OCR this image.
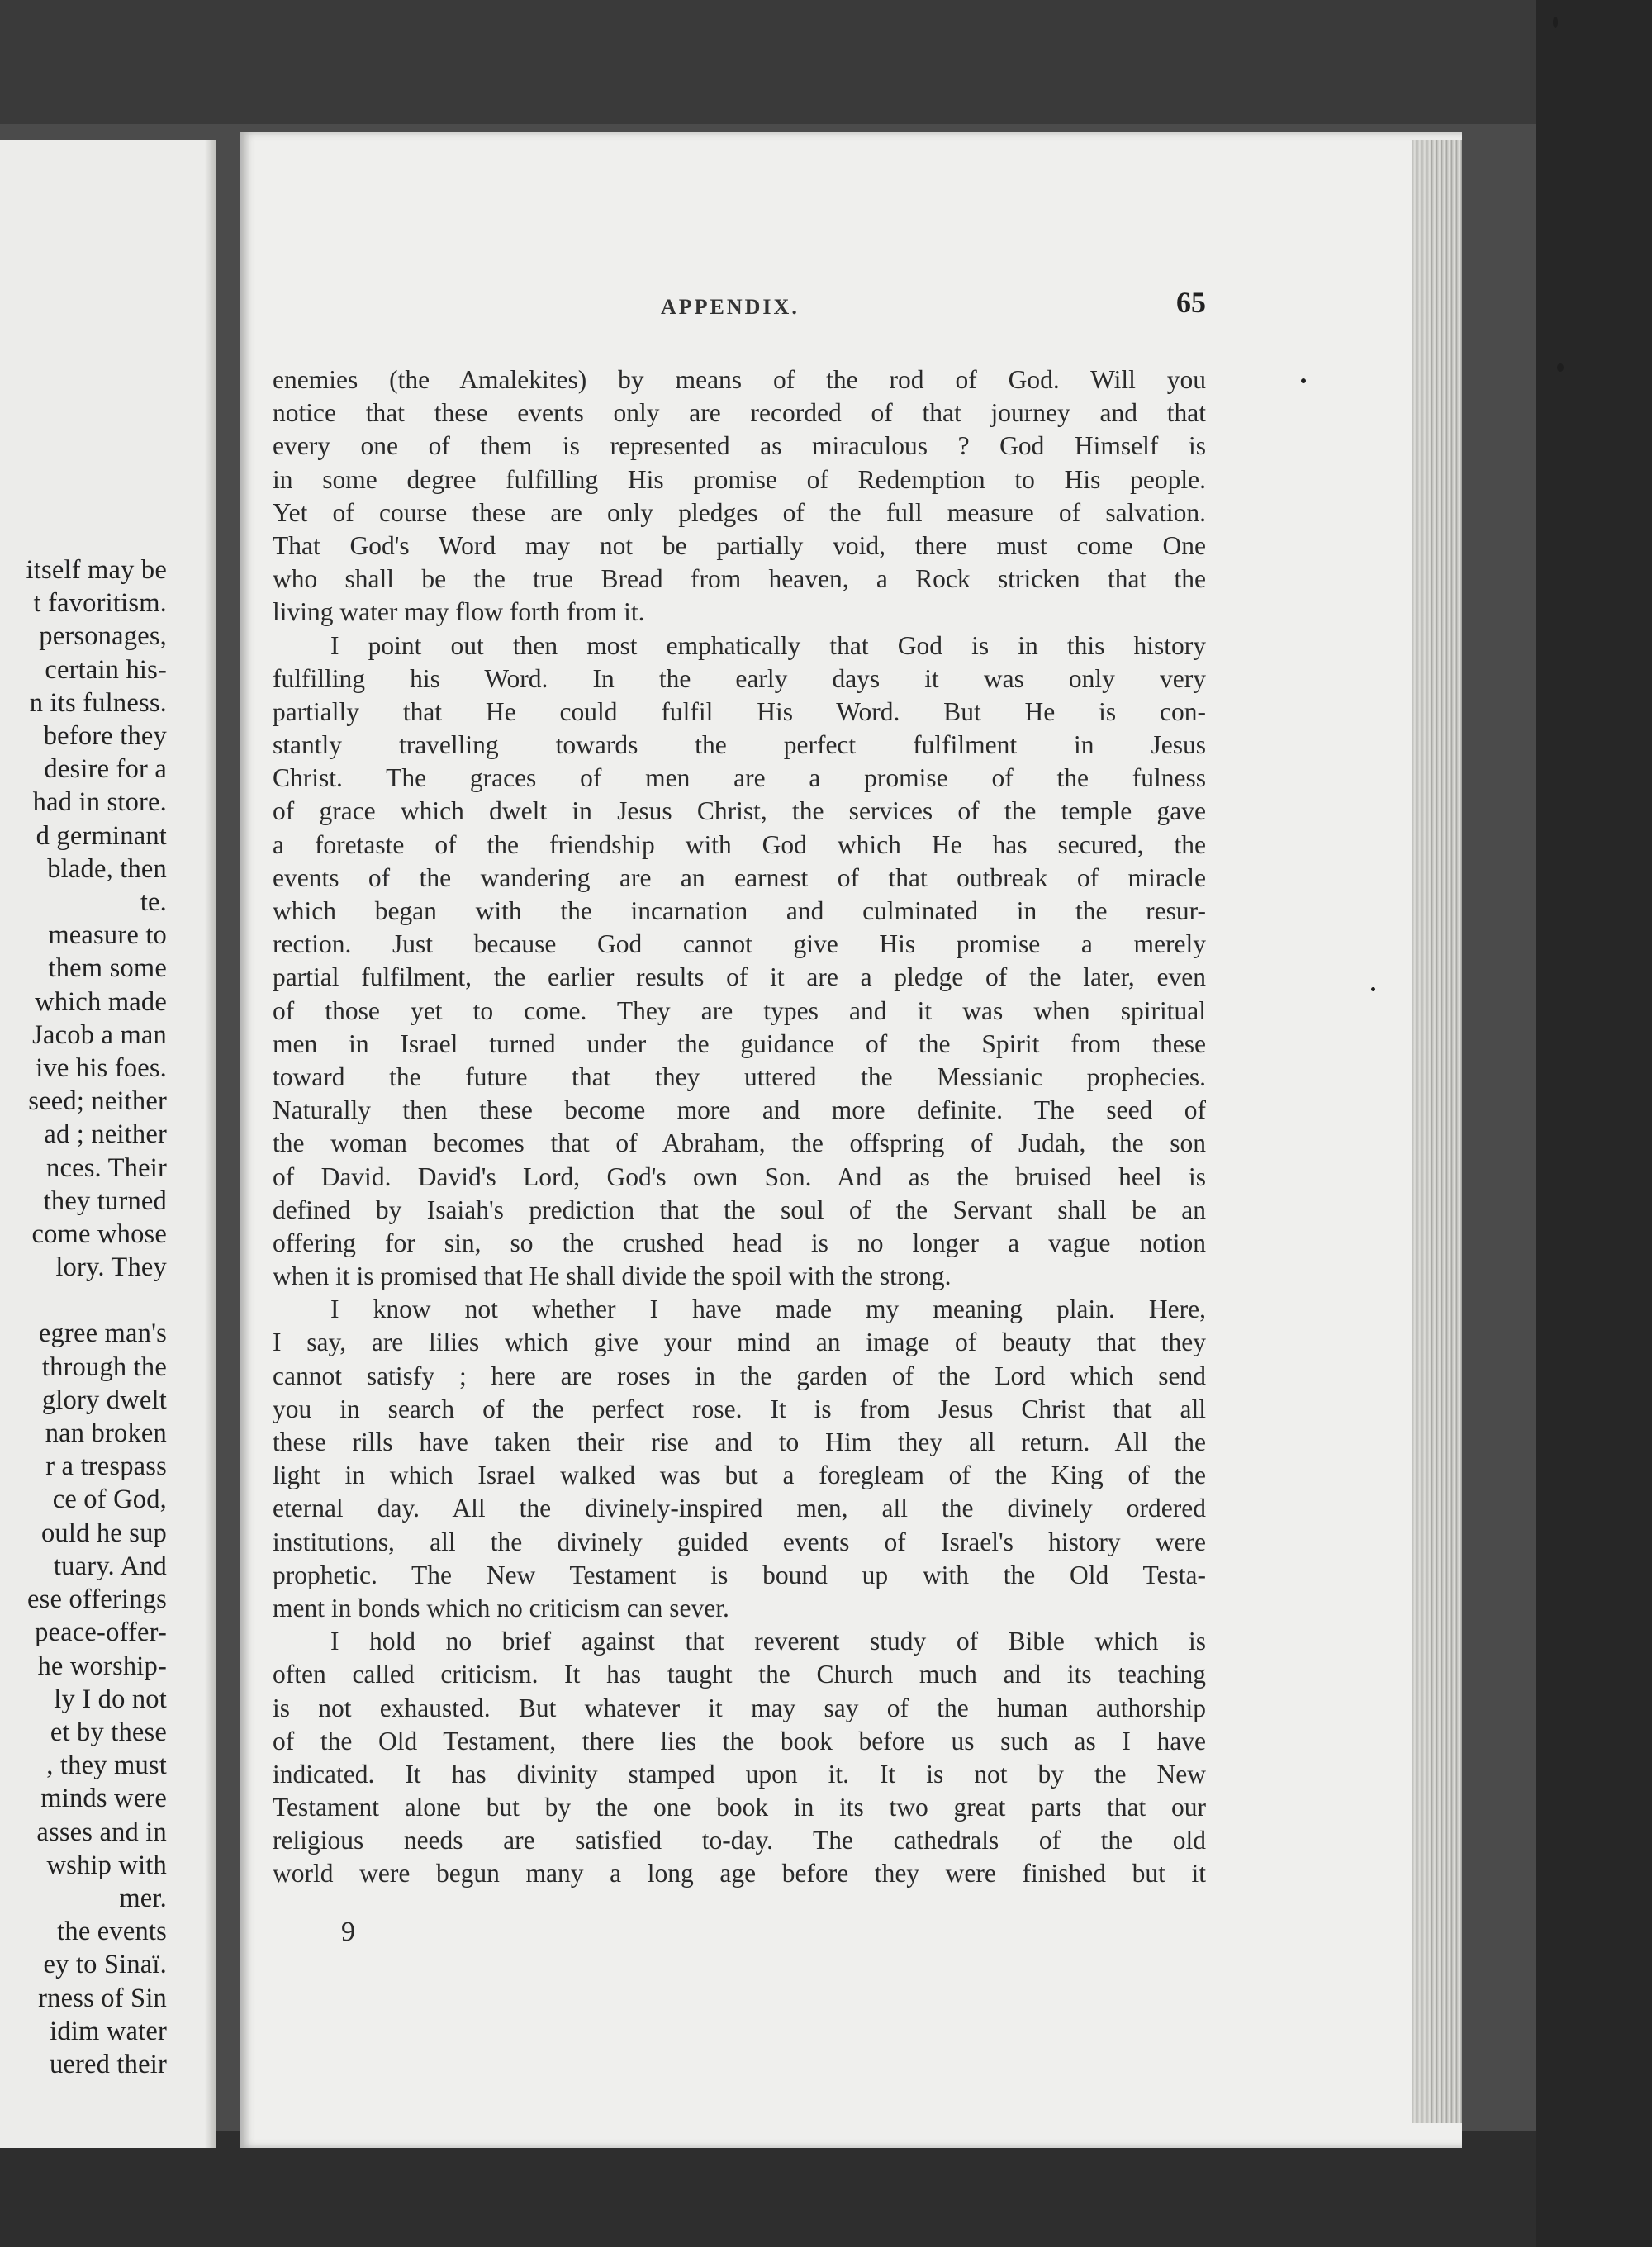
itself may be
t favoritism.
personages,
certain his-
n its fulness.
before they
desire for a
had in store.
d germinant
blade, then
te.
measure to
them some
which made
Jacob a man
ive his foes.
seed; neither
ad ; neither
nces. Their
they turned
come whose
lory. They
egree man's
through the
glory dwelt
nan broken
r a trespass
ce of God,
ould he sup
tuary. And
ese offerings
peace-offer-
he worship-
ly I do not
et by these
, they must
minds were
asses and in
wship with
mer.
the events
ey to Sinaï.
rness of Sin
idim water
uered their
APPENDIX.	65
enemies (the Amalekites) by means of the rod of God. Will you
notice that these events only are recorded of that journey and that
every one of them is represented as miraculous ? God Himself is
in some degree fulfilling His promise of Redemption to His people.
Yet of course these are only pledges of the full measure of salvation.
That God's Word may not be partially void, there must come One
who shall be the true Bread from heaven, a Rock stricken that the
living water may flow forth from it.
I point out then most emphatically that God is in this history
fulfilling his Word. In the early days it was only very
partially that He could fulfil His Word. But He is con-
stantly travelling towards the perfect fulfilment in Jesus
Christ. The graces of men are a promise of the fulness
of grace which dwelt in Jesus Christ, the services of the temple gave
a foretaste of the friendship with God which He has secured, the
events of the wandering are an earnest of that outbreak of miracle
which began with the incarnation and culminated in the resur-
rection. Just because God cannot give His promise a merely
partial fulfilment, the earlier results of it are a pledge of the later, even
of those yet to come. They are types and it was when spiritual
men in Israel turned under the guidance of the Spirit from these
toward the future that they uttered the Messianic prophecies.
Naturally then these become more and more definite. The seed of
the woman becomes that of Abraham, the offspring of Judah, the son
of David. David's Lord, God's own Son. And as the bruised heel is
defined by Isaiah's prediction that the soul of the Servant shall be an
offering for sin, so the crushed head is no longer a vague notion
when it is promised that He shall divide the spoil with the strong.
I know not whether I have made my meaning plain. Here,
I say, are lilies which give your mind an image of beauty that they
cannot satisfy ; here are roses in the garden of the Lord which send
you in search of the perfect rose. It is from Jesus Christ that all
these rills have taken their rise and to Him they all return. All the
light in which Israel walked was but a foregleam of the King of the
eternal day. All the divinely-inspired men, all the divinely ordered
institutions, all the divinely guided events of Israel's history were
prophetic. The New Testament is bound up with the Old Testa-
ment in bonds which no criticism can sever.
I hold no brief against that reverent study of Bible which is
often called criticism. It has taught the Church much and its teaching
is not exhausted. But whatever it may say of the human authorship
of the Old Testament, there lies the book before us such as I have
indicated. It has divinity stamped upon it. It is not by the New
Testament alone but by the one book in its two great parts that our
religious needs are satisfied to-day. The cathedrals of the old
world were begun many a long age before they were finished but it
9
